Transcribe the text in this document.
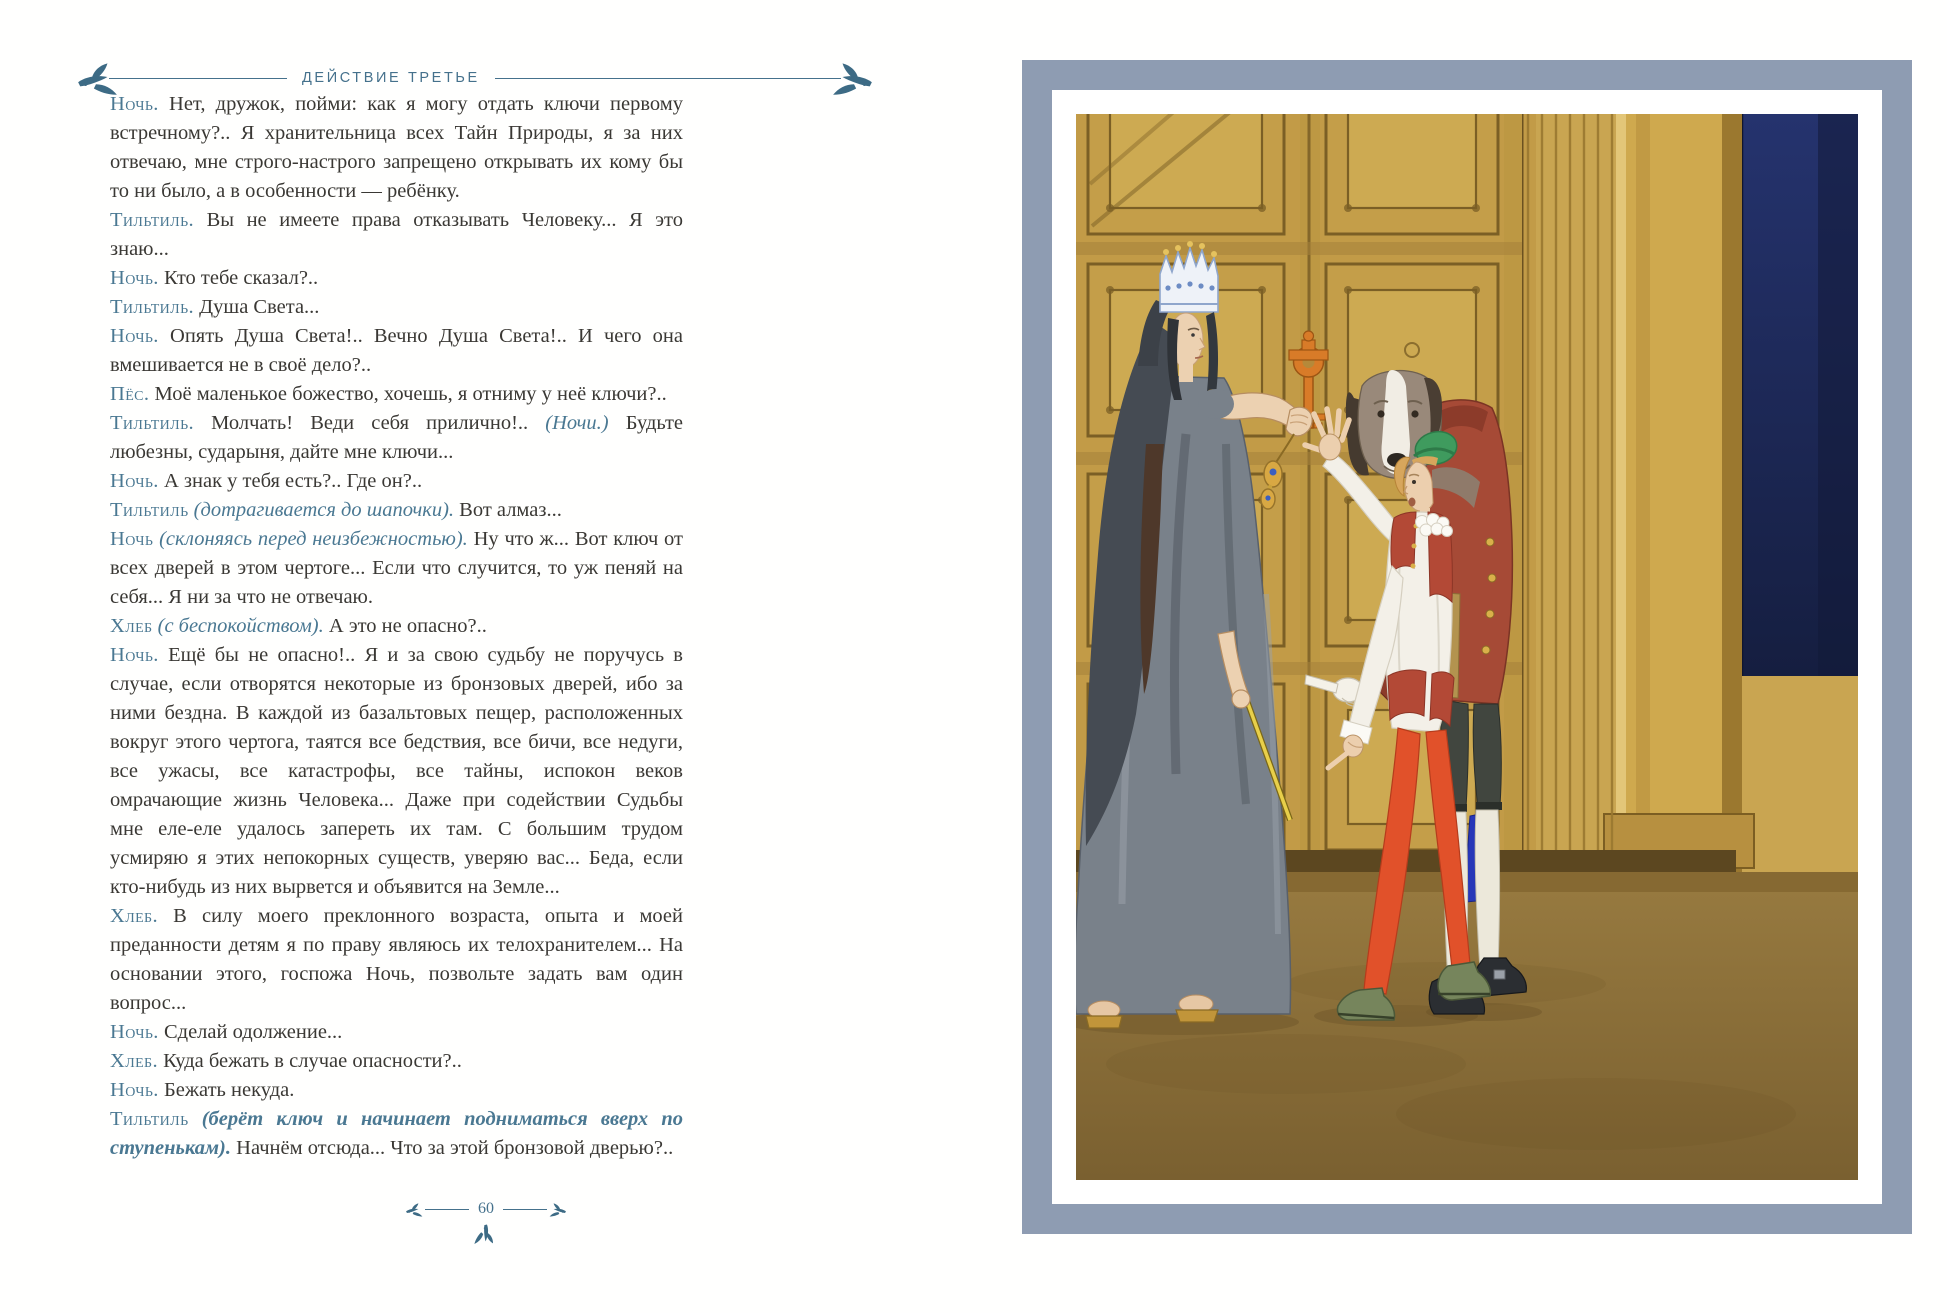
ДЕЙСТВИЕ ТРЕТЬЕ

Ночь. Нет, дружок, пойми: как я могу отдать ключи первому встречному?.. Я хранительница всех Тайн Природы, я за них отвечаю, мне строго-настрого запрещено открывать их кому бы то ни было, а в особенности — ребёнку.

Тильтиль. Вы не имеете права отказывать Человеку... Я это знаю...

Ночь. Кто тебе сказал?..

Тильтиль. Душа Света...

Ночь. Опять Душа Света!.. Вечно Душа Света!.. И чего она вмешивается не в своё дело?..

Пёс. Моё маленькое божество, хочешь, я отниму у неё ключи?..

Тильтиль. Молчать! Веди себя прилично!.. (Ночи.) Будьте любезны, сударыня, дайте мне ключи...

Ночь. А знак у тебя есть?.. Где он?..

Тильтиль (дотрагивается до шапочки). Вот алмаз...

Ночь (склоняясь перед неизбежностью). Ну что ж... Вот ключ от всех дверей в этом чертоге... Если что случится, то уж пеняй на себя... Я ни за что не отвечаю.

Хлеб (с беспокойством). А это не опасно?..

Ночь. Ещё бы не опасно!.. Я и за свою судьбу не поручусь в случае, если отворятся некоторые из бронзовых дверей, ибо за ними бездна. В каждой из базальтовых пещер, расположенных вокруг этого чертога, таятся все бедствия, все бичи, все недуги, все ужасы, все катастрофы, все тайны, испокон веков омрачающие жизнь Человека... Даже при содействии Судьбы мне еле-еле удалось запереть их там. С большим трудом усмиряю я этих непокорных существ, уверяю вас... Беда, если кто-нибудь из них вырвется и объявится на Земле...

Хлеб. В силу моего преклонного возраста, опыта и моей преданности детям я по праву являюсь их телохранителем... На основании этого, госпожа Ночь, позвольте задать вам один вопрос...

Ночь. Сделай одолжение...

Хлеб. Куда бежать в случае опасности?..

Ночь. Бежать некуда.

Тильтиль (берёт ключ и начинает подниматься вверх по ступенькам). Начнём отсюда... Что за этой бронзовой дверью?..

60
